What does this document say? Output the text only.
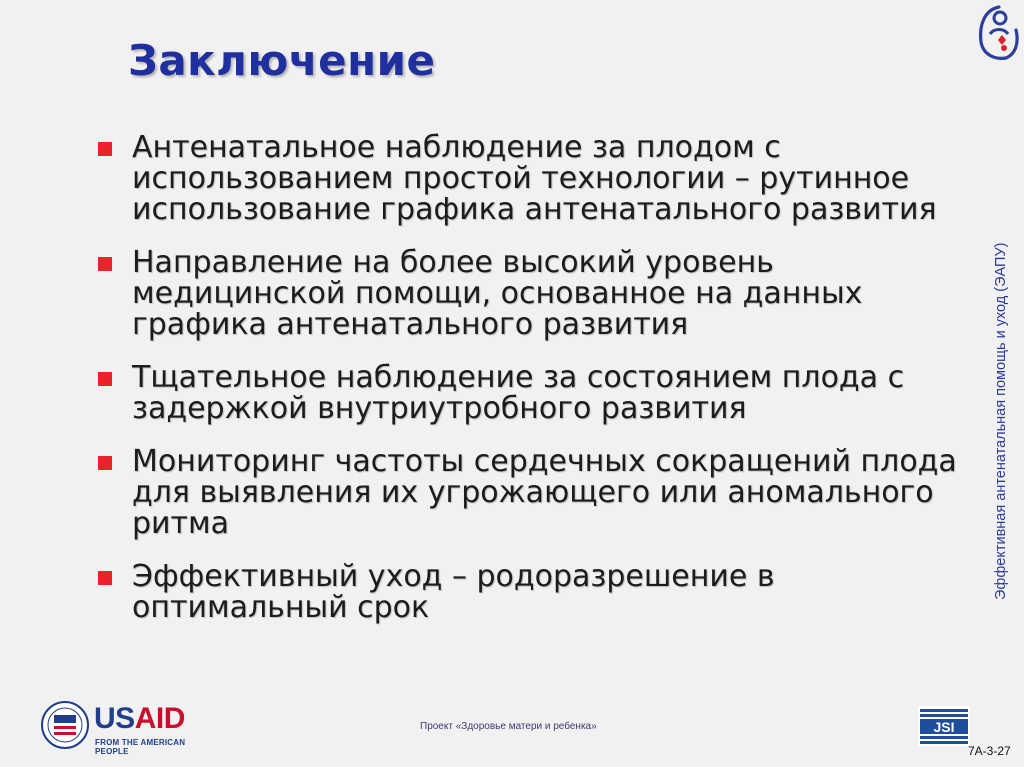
Заключение
Антенатальное наблюдение за плодом с использованием простой технологии – рутинное использование графика антенатального развития
Направление на более высокий уровень медицинской помощи, основанное на данных графика антенатального развития
Тщательное наблюдение за состоянием плода с задержкой внутриутробного развития
Мониторинг частоты сердечных сокращений плода для выявления их угрожающего или аномального ритма
Эффективный уход – родоразрешение в оптимальный срок
Эффективная антенатальная помощь и уход (ЭАПУ)
USAID
FROM THE AMERICAN PEOPLE
Проект «Здоровье матери и ребенка»	JSI
7A-3-27
